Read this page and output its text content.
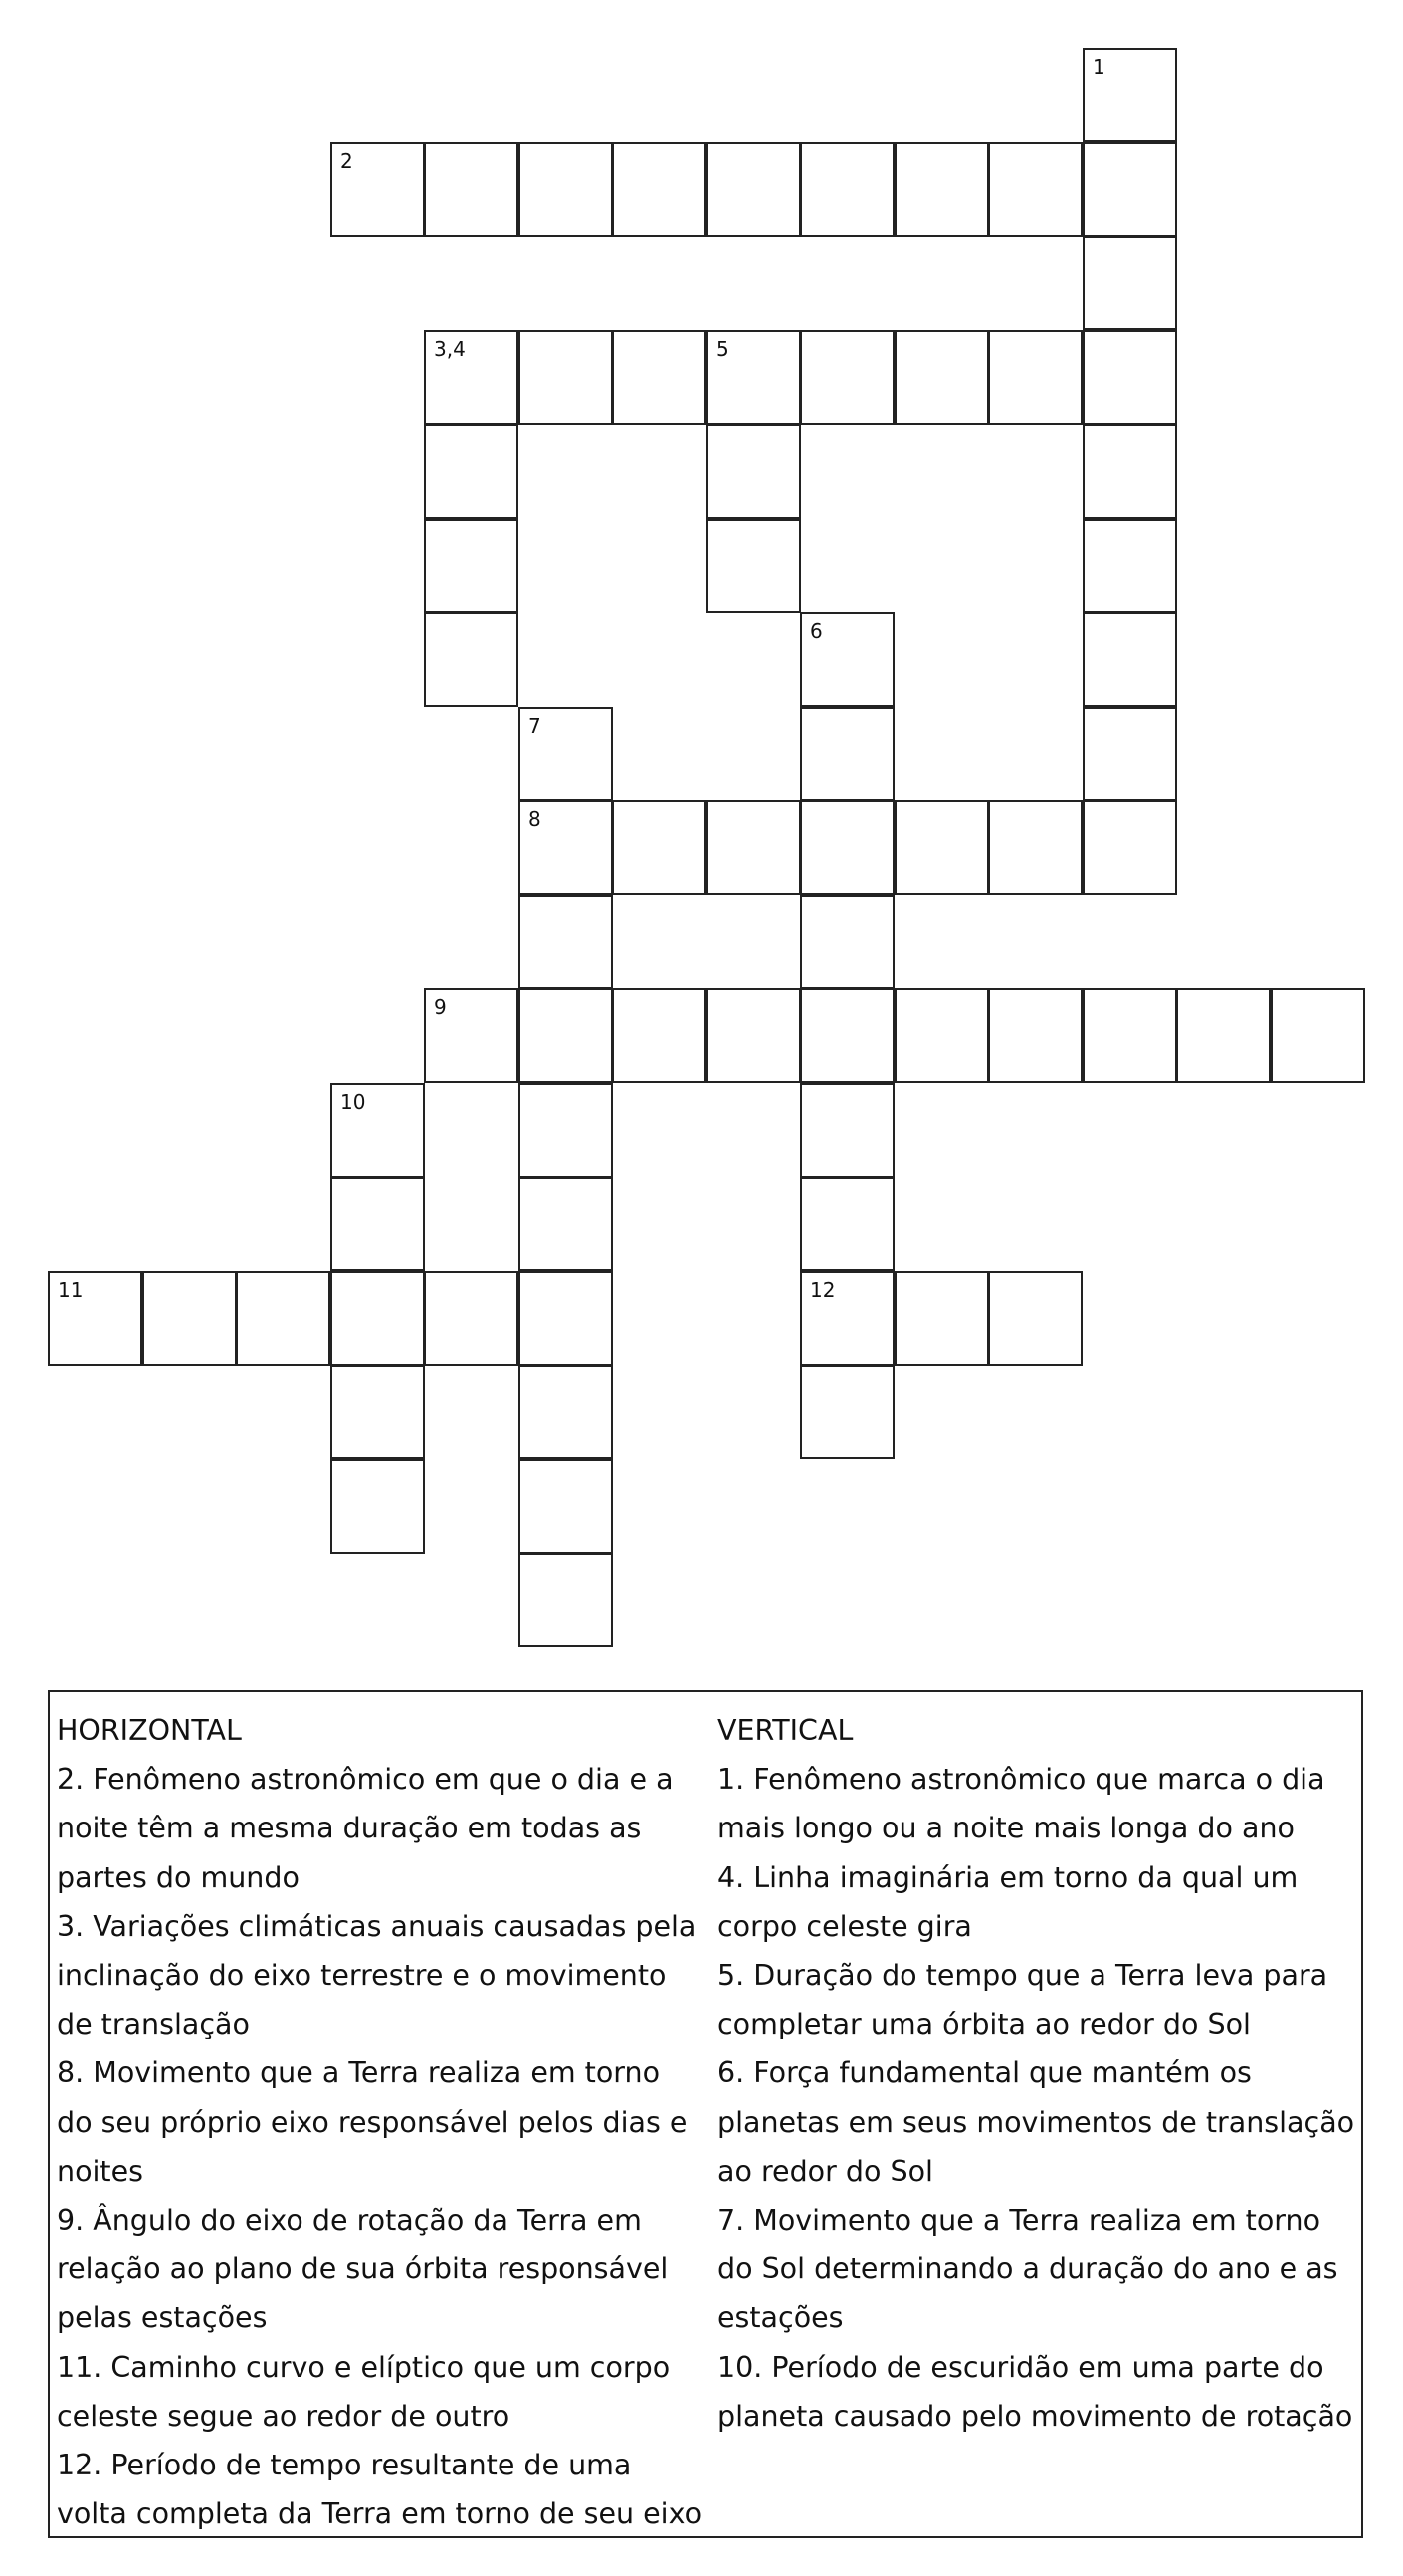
1
2
3,4	5
6
7
8
9
10
11	12

HORIZONTAL

2. Fenômeno astronômico em que o dia e a noite têm a mesma duração em todas as partes do mundo

3. Variações climáticas anuais causadas pela inclinação do eixo terrestre e o movimento de translação

8. Movimento que a Terra realiza em torno do seu próprio eixo responsável pelos dias e noites

9. Ângulo do eixo de rotação da Terra em relação ao plano de sua órbita responsável pelas estações

11. Caminho curvo e elíptico que um corpo celeste segue ao redor de outro

12. Período de tempo resultante de uma volta completa da Terra em torno de seu eixo

VERTICAL

1. Fenômeno astronômico que marca o dia mais longo ou a noite mais longa do ano

4. Linha imaginária em torno da qual um corpo celeste gira

5. Duração do tempo que a Terra leva para completar uma órbita ao redor do Sol

6. Força fundamental que mantém os planetas em seus movimentos de translação ao redor do Sol

7. Movimento que a Terra realiza em torno do Sol determinando a duração do ano e as estações

10. Período de escuridão em uma parte do planeta causado pelo movimento de rotação
